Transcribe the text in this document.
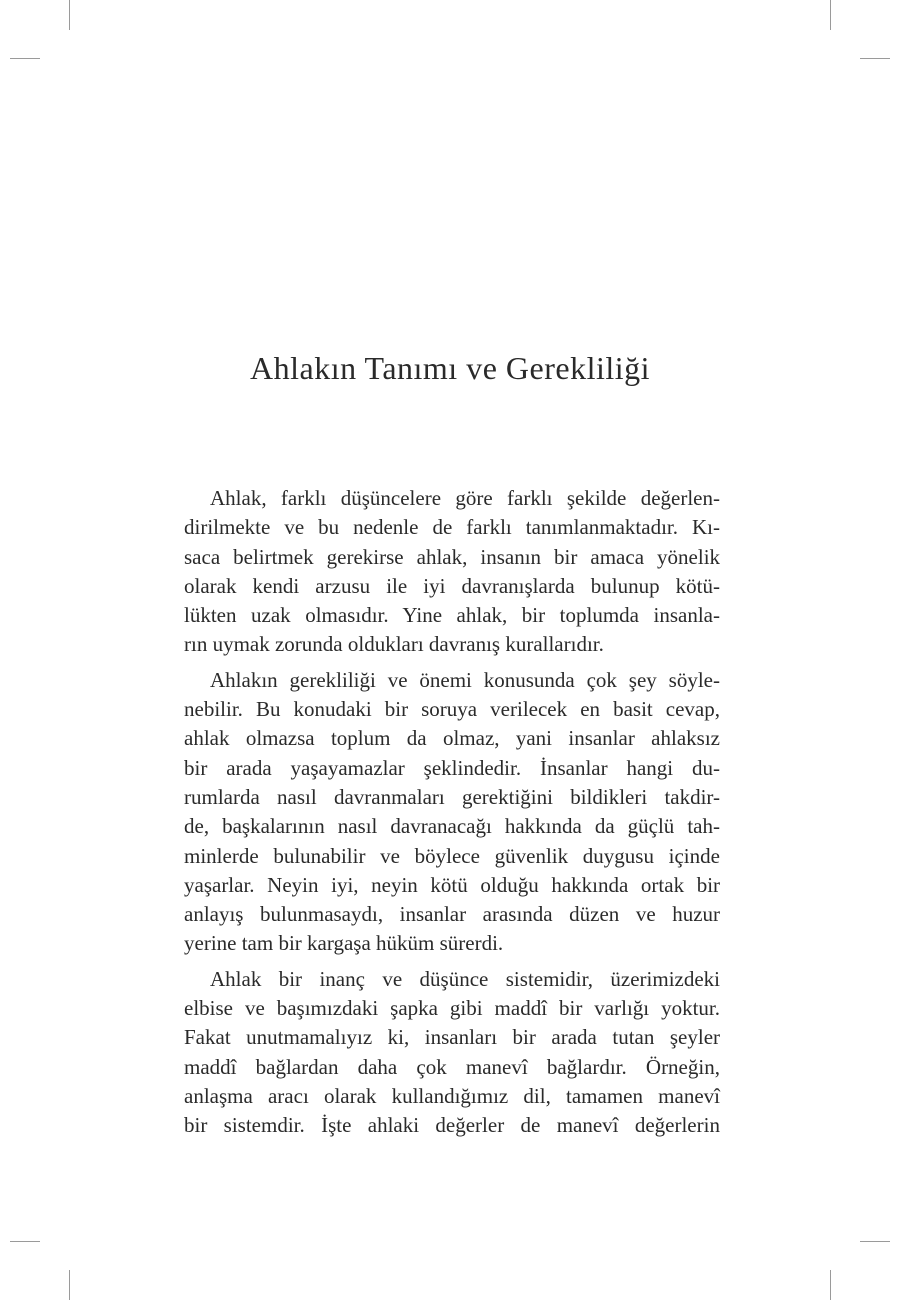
Ahlakın Tanımı ve Gerekliliği
Ahlak, farklı düşüncelere göre farklı şekilde değerlen-
dirilmekte ve bu nedenle de farklı tanımlanmaktadır. Kı-
saca belirtmek gerekirse ahlak, insanın bir amaca yönelik
olarak kendi arzusu ile iyi davranışlarda bulunup kötü-
lükten uzak olmasıdır. Yine ahlak, bir toplumda insanla-
rın uymak zorunda oldukları davranış kurallarıdır.
Ahlakın gerekliliği ve önemi konusunda çok şey söyle-
nebilir. Bu konudaki bir soruya verilecek en basit cevap,
ahlak olmazsa toplum da olmaz, yani insanlar ahlaksız
bir arada yaşayamazlar şeklindedir. İnsanlar hangi du-
rumlarda nasıl davranmaları gerektiğini bildikleri takdir-
de, başkalarının nasıl davranacağı hakkında da güçlü tah-
minlerde bulunabilir ve böylece güvenlik duygusu içinde
yaşarlar. Neyin iyi, neyin kötü olduğu hakkında ortak bir
anlayış bulunmasaydı, insanlar arasında düzen ve huzur
yerine tam bir kargaşa hüküm sürerdi.
Ahlak bir inanç ve düşünce sistemidir, üzerimizdeki
elbise ve başımızdaki şapka gibi maddî bir varlığı yoktur.
Fakat unutmamalıyız ki, insanları bir arada tutan şeyler
maddî bağlardan daha çok manevî bağlardır. Örneğin,
anlaşma aracı olarak kullandığımız dil, tamamen manevî
bir sistemdir. İşte ahlaki değerler de manevî değerlerin
